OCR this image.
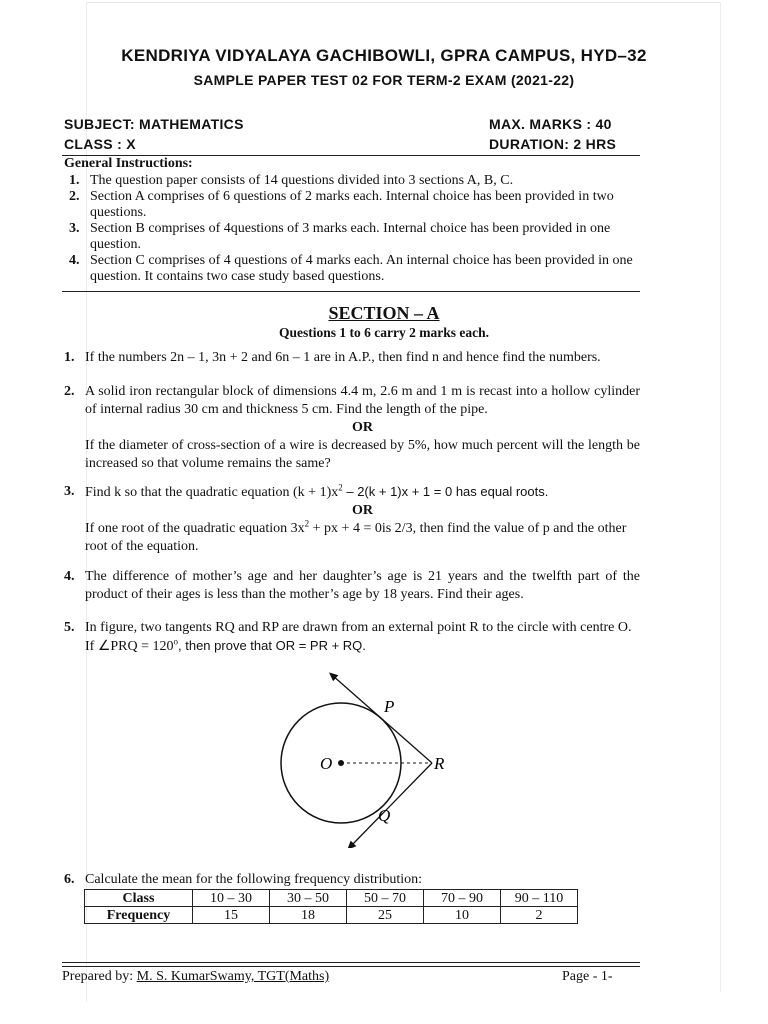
KENDRIYA VIDYALAYA GACHIBOWLI, GPRA CAMPUS, HYD–32
SAMPLE PAPER TEST 02 FOR TERM-2 EXAM (2021-22)
SUBJECT: MATHEMATICS	MAX. MARKS : 40
CLASS : X	DURATION: 2 HRS
General Instructions:
1. The question paper consists of 14 questions divided into 3 sections A, B, C.
2. Section A comprises of 6 questions of 2 marks each. Internal choice has been provided in two questions.
3. Section B comprises of 4questions of 3 marks each. Internal choice has been provided in one question.
4. Section C comprises of 4 questions of 4 marks each. An internal choice has been provided in one question. It contains two case study based questions.
SECTION – A
Questions 1 to 6 carry 2 marks each.
1. If the numbers 2n – 1, 3n + 2 and 6n – 1 are in A.P., then find n and hence find the numbers.
2. A solid iron rectangular block of dimensions 4.4 m, 2.6 m and 1 m is recast into a hollow cylinder of internal radius 30 cm and thickness 5 cm. Find the length of the pipe.
OR
If the diameter of cross-section of a wire is decreased by 5%, how much percent will the length be increased so that volume remains the same?
3. Find k so that the quadratic equation $(k + 1)x^2 - 2(k + 1)x + 1 = 0$ has equal roots.
OR
If one root of the quadratic equation $3x^2$ + px + 4 = 0is 2/3, then find the value of p and the other root of the equation.
4. The difference of mother’s age and her daughter’s age is 21 years and the twelfth part of the product of their ages is less than the mother’s age by 18 years. Find their ages.
5. In figure, two tangents RQ and RP are drawn from an external point R to the circle with centre O. If ∠PRQ = $120^o$, then prove that OR = PR + RQ.
P
O	R
Q
6. Calculate the mean for the following frequency distribution:
Class	10 – 30	30 – 50	50 – 70	70 – 90	90 – 110
Frequency	15	18	25	10	2
Prepared by: M. S. KumarSwamy, TGT(Maths)	Page - 1-
